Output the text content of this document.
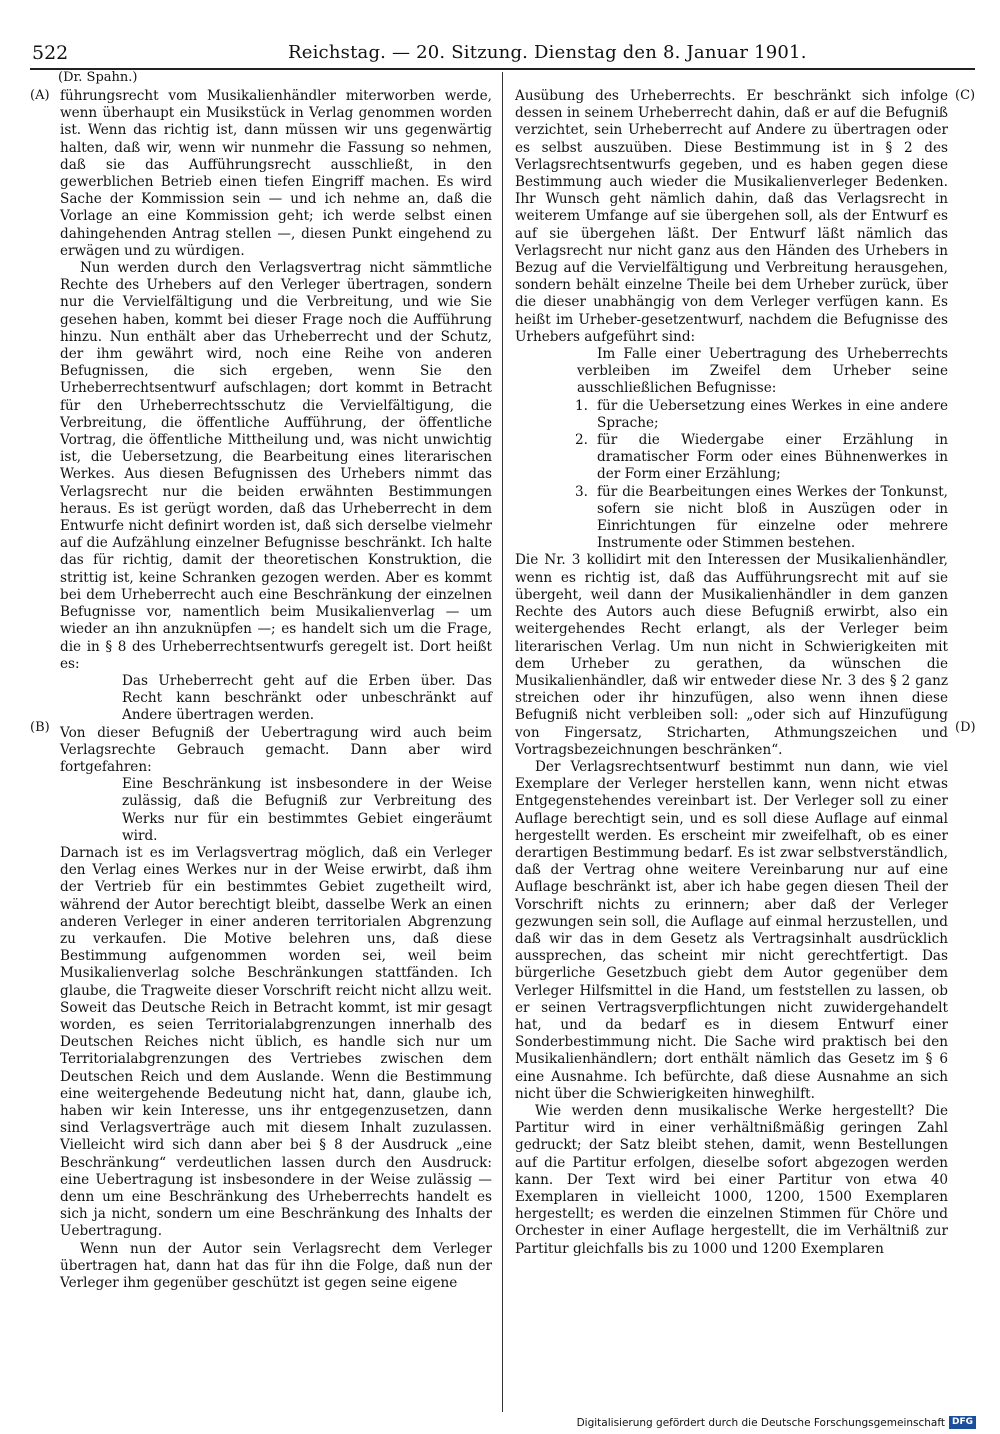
522	Reichstag. — 20. Sitzung. Dienstag den 8. Januar 1901.
(Dr. Spahn.)
(A)
(B)
(C)
(D)

führungsrecht vom Musikalienhändler miterworben werde, wenn überhaupt ein Musikstück in Verlag genommen worden ist. Wenn das richtig ist, dann müssen wir uns gegenwärtig halten, daß wir, wenn wir nunmehr die Fassung so nehmen, daß sie das Aufführungsrecht ausschließt, in den gewerblichen Betrieb einen tiefen Eingriff machen. Es wird Sache der Kommission sein — und ich nehme an, daß die Vorlage an eine Kommission geht; ich werde selbst einen dahingehenden Antrag stellen —, diesen Punkt eingehend zu erwägen und zu würdigen.

Nun werden durch den Verlagsvertrag nicht sämmtliche Rechte des Urhebers auf den Verleger übertragen, sondern nur die Vervielfältigung und die Verbreitung, und wie Sie gesehen haben, kommt bei dieser Frage noch die Aufführung hinzu. Nun enthält aber das Urheberrecht und der Schutz, der ihm gewährt wird, noch eine Reihe von anderen Befugnissen, die sich ergeben, wenn Sie den Urheberrechtsentwurf aufschlagen; dort kommt in Betracht für den Urheberrechtsschutz die Vervielfältigung, die Verbreitung, die öffentliche Aufführung, der öffentliche Vortrag, die öffentliche Mittheilung und, was nicht unwichtig ist, die Uebersetzung, die Bearbeitung eines literarischen Werkes. Aus diesen Befugnissen des Urhebers nimmt das Verlagsrecht nur die beiden erwähnten Bestimmungen heraus. Es ist gerügt worden, daß das Urheberrecht in dem Entwurfe nicht definirt worden ist, daß sich derselbe vielmehr auf die Aufzählung einzelner Befugnisse beschränkt. Ich halte das für richtig, damit der theoretischen Konstruktion, die strittig ist, keine Schranken gezogen werden. Aber es kommt bei dem Urheberrecht auch eine Beschränkung der einzelnen Befugnisse vor, namentlich beim Musikalienverlag — um wieder an ihn anzuknüpfen —; es handelt sich um die Frage, die in § 8 des Urheberrechtsentwurfs geregelt ist. Dort heißt es:

Das Urheberrecht geht auf die Erben über. Das Recht kann beschränkt oder unbeschränkt auf Andere übertragen werden.

Von dieser Befugniß der Uebertragung wird auch beim Verlagsrechte Gebrauch gemacht. Dann aber wird fortgefahren:

Eine Beschränkung ist insbesondere in der Weise zulässig, daß die Befugniß zur Verbreitung des Werks nur für ein bestimmtes Gebiet eingeräumt wird.

Darnach ist es im Verlagsvertrag möglich, daß ein Verleger den Verlag eines Werkes nur in der Weise erwirbt, daß ihm der Vertrieb für ein bestimmtes Gebiet zugetheilt wird, während der Autor berechtigt bleibt, dasselbe Werk an einen anderen Verleger in einer anderen territorialen Abgrenzung zu verkaufen. Die Motive belehren uns, daß diese Bestimmung aufgenommen worden sei, weil beim Musikalienverlag solche Beschränkungen stattfänden. Ich glaube, die Tragweite dieser Vorschrift reicht nicht allzu weit. Soweit das Deutsche Reich in Betracht kommt, ist mir gesagt worden, es seien Territorialabgrenzungen innerhalb des Deutschen Reiches nicht üblich, es handle sich nur um Territorialabgrenzungen des Vertriebes zwischen dem Deutschen Reich und dem Auslande. Wenn die Bestimmung eine weitergehende Bedeutung nicht hat, dann, glaube ich, haben wir kein Interesse, uns ihr entgegenzusetzen, dann sind Verlagsverträge auch mit diesem Inhalt zuzulassen. Vielleicht wird sich dann aber bei § 8 der Ausdruck „eine Beschränkung“ verdeutlichen lassen durch den Ausdruck: eine Uebertragung ist insbesondere in der Weise zulässig — denn um eine Beschränkung des Urheberrechts handelt es sich ja nicht, sondern um eine Beschränkung des Inhalts der Uebertragung.

Wenn nun der Autor sein Verlagsrecht dem Verleger übertragen hat, dann hat das für ihn die Folge, daß nun der Verleger ihm gegenüber geschützt ist gegen seine eigene

Ausübung des Urheberrechts. Er beschränkt sich infolge dessen in seinem Urheberrecht dahin, daß er auf die Befugniß verzichtet, sein Urheberrecht auf Andere zu übertragen oder es selbst auszuüben. Diese Bestimmung ist in § 2 des Verlagsrechtsentwurfs gegeben, und es haben gegen diese Bestimmung auch wieder die Musikalienverleger Bedenken. Ihr Wunsch geht nämlich dahin, daß das Verlagsrecht in weiterem Umfange auf sie übergehen soll, als der Entwurf es auf sie übergehen läßt. Der Entwurf läßt nämlich das Verlagsrecht nur nicht ganz aus den Händen des Urhebers in Bezug auf die Vervielfältigung und Verbreitung herausgehen, sondern behält einzelne Theile bei dem Urheber zurück, über die dieser unabhängig von dem Verleger verfügen kann. Es heißt im Urheber-gesetzentwurf, nachdem die Befugnisse des Urhebers aufgeführt sind:

Im Falle einer Uebertragung des Urheberrechts verbleiben im Zweifel dem Urheber seine ausschließlichen Befugnisse:

1. für die Uebersetzung eines Werkes in eine andere Sprache;
2. für die Wiedergabe einer Erzählung in dramatischer Form oder eines Bühnenwerkes in der Form einer Erzählung;
3. für die Bearbeitungen eines Werkes der Tonkunst, sofern sie nicht bloß in Auszügen oder in Einrichtungen für einzelne oder mehrere Instrumente oder Stimmen bestehen.

Die Nr. 3 kollidirt mit den Interessen der Musikalienhändler, wenn es richtig ist, daß das Aufführungsrecht mit auf sie übergeht, weil dann der Musikalienhändler in dem ganzen Rechte des Autors auch diese Befugniß erwirbt, also ein weitergehendes Recht erlangt, als der Verleger beim literarischen Verlag. Um nun nicht in Schwierigkeiten mit dem Urheber zu gerathen, da wünschen die Musikalienhändler, daß wir entweder diese Nr. 3 des § 2 ganz streichen oder ihr hinzufügen, also wenn ihnen diese Befugniß nicht verbleiben soll: „oder sich auf Hinzufügung von Fingersatz, Stricharten, Athmungszeichen und Vortragsbezeichnungen beschränken“.

Der Verlagsrechtsentwurf bestimmt nun dann, wie viel Exemplare der Verleger herstellen kann, wenn nicht etwas Entgegenstehendes vereinbart ist. Der Verleger soll zu einer Auflage berechtigt sein, und es soll diese Auflage auf einmal hergestellt werden. Es erscheint mir zweifelhaft, ob es einer derartigen Bestimmung bedarf. Es ist zwar selbstverständlich, daß der Vertrag ohne weitere Vereinbarung nur auf eine Auflage beschränkt ist, aber ich habe gegen diesen Theil der Vorschrift nichts zu erinnern; aber daß der Verleger gezwungen sein soll, die Auflage auf einmal herzustellen, und daß wir das in dem Gesetz als Vertragsinhalt ausdrücklich aussprechen, das scheint mir nicht gerechtfertigt. Das bürgerliche Gesetzbuch giebt dem Autor gegenüber dem Verleger Hilfsmittel in die Hand, um feststellen zu lassen, ob er seinen Vertragsverpflichtungen nicht zuwidergehandelt hat, und da bedarf es in diesem Entwurf einer Sonderbestimmung nicht. Die Sache wird praktisch bei den Musikalienhändlern; dort enthält nämlich das Gesetz im § 6 eine Ausnahme. Ich befürchte, daß diese Ausnahme an sich nicht über die Schwierigkeiten hinweghilft.

Wie werden denn musikalische Werke hergestellt? Die Partitur wird in einer verhältnißmäßig geringen Zahl gedruckt; der Satz bleibt stehen, damit, wenn Bestellungen auf die Partitur erfolgen, dieselbe sofort abgezogen werden kann. Der Text wird bei einer Partitur von etwa 40 Exemplaren in vielleicht 1000, 1200, 1500 Exemplaren hergestellt; es werden die einzelnen Stimmen für Chöre und Orchester in einer Auflage hergestellt, die im Verhältniß zur Partitur gleichfalls bis zu 1000 und 1200 Exemplaren

Digitalisierung gefördert durch die Deutsche Forschungsgemeinschaft DFG
